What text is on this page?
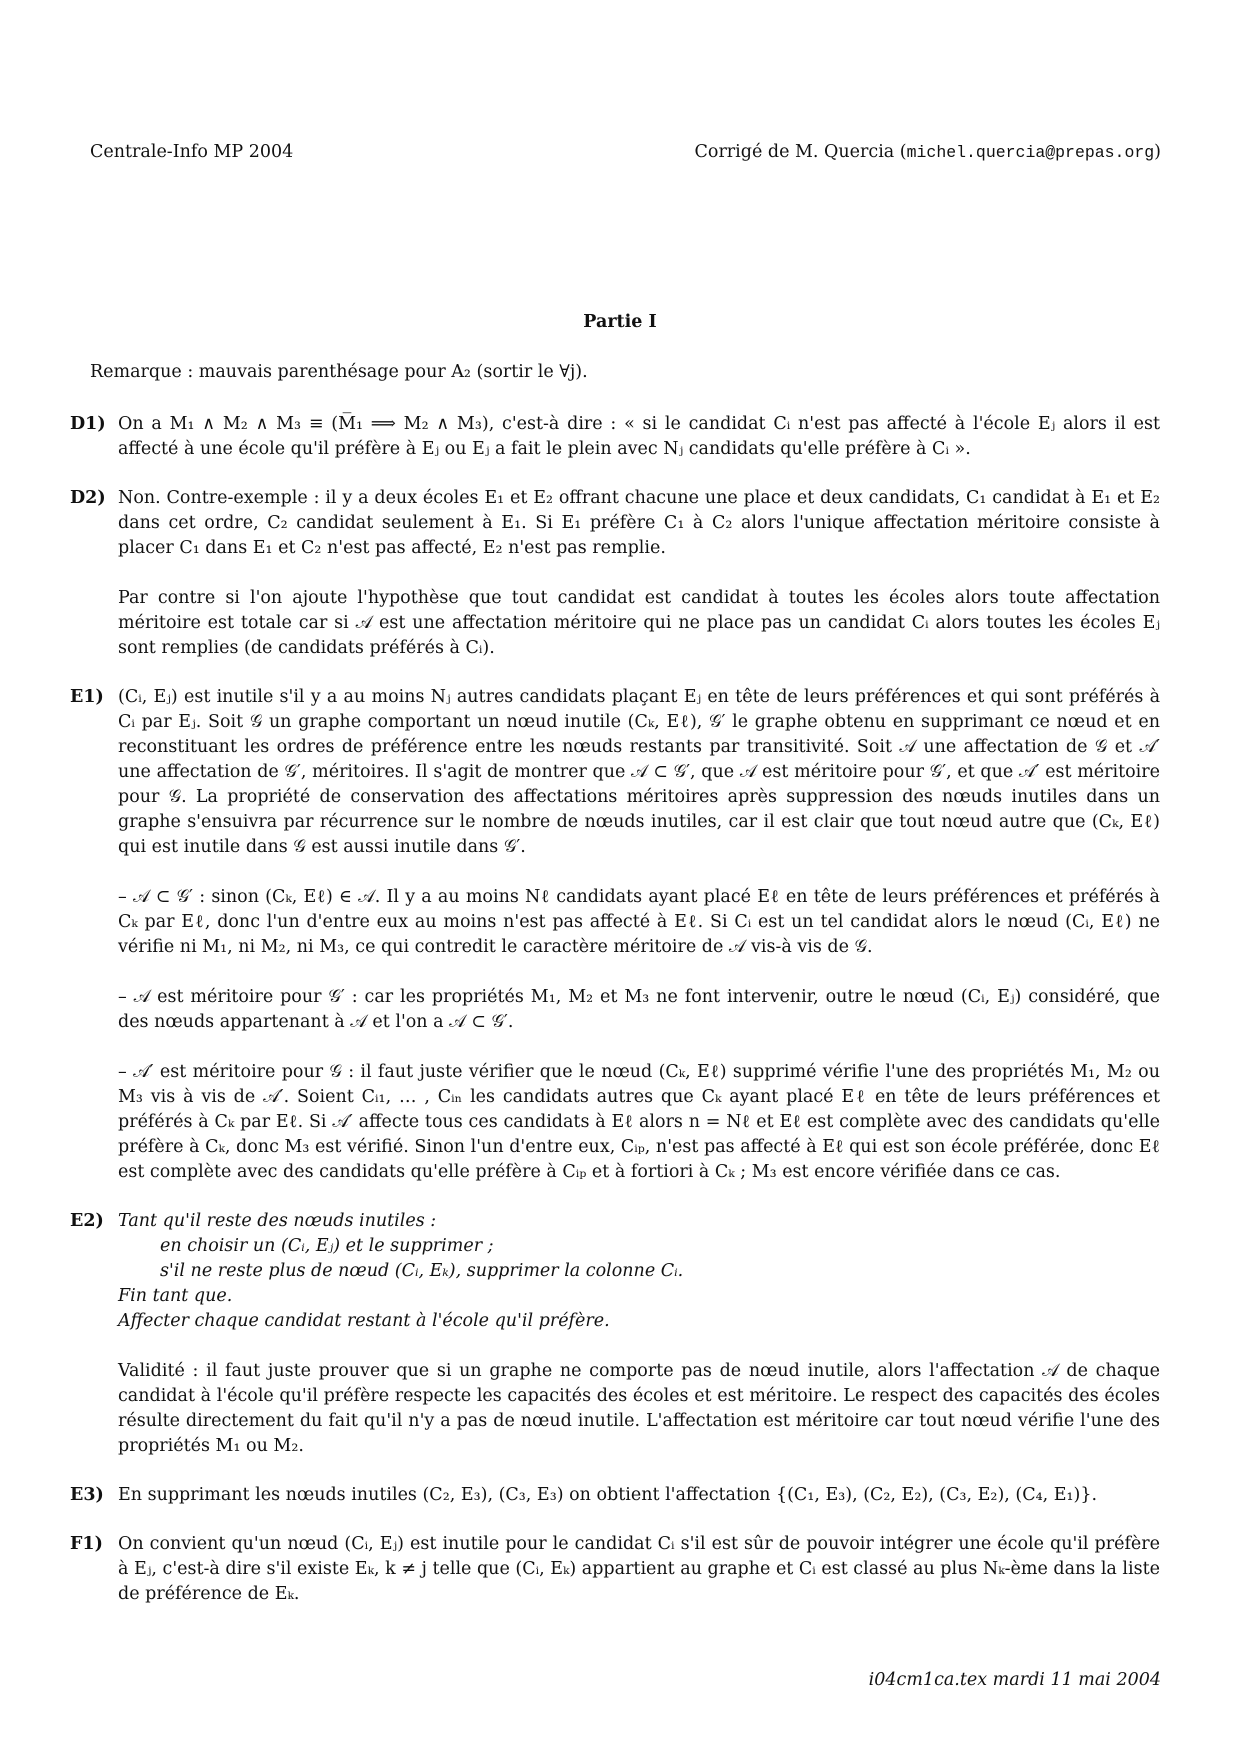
Centrale-Info MP 2004	Corrigé de M. Quercia (michel.quercia@prepas.org)
Partie I
Remarque : mauvais parenthésage pour A₂ (sortir le ∀j).
D1) On a M₁ ∧ M₂ ∧ M₃ ≡ (M̅₁ ⟹ M₂ ∧ M₃), c'est-à dire : « si le candidat Cᵢ n'est pas affecté à l'école Eⱼ alors il est affecté à une école qu'il préfère à Eⱼ ou Eⱼ a fait le plein avec Nⱼ candidats qu'elle préfère à Cᵢ ».

D2) Non. Contre-exemple : il y a deux écoles E₁ et E₂ offrant chacune une place et deux candidats, C₁ candidat à E₁ et E₂ dans cet ordre, C₂ candidat seulement à E₁. Si E₁ préfère C₁ à C₂ alors l'unique affectation méritoire consiste à placer C₁ dans E₁ et C₂ n'est pas affecté, E₂ n'est pas remplie.

Par contre si l'on ajoute l'hypothèse que tout candidat est candidat à toutes les écoles alors toute affectation méritoire est totale car si 𝒜 est une affectation méritoire qui ne place pas un candidat Cᵢ alors toutes les écoles Eⱼ sont remplies (de candidats préférés à Cᵢ).

E1) (Cᵢ, Eⱼ) est inutile s'il y a au moins Nⱼ autres candidats plaçant Eⱼ en tête de leurs préférences et qui sont préférés à Cᵢ par Eⱼ. Soit 𝒢 un graphe comportant un nœud inutile (Cₖ, Eℓ), 𝒢′ le graphe obtenu en supprimant ce nœud et en reconstituant les ordres de préférence entre les nœuds restants par transitivité. Soit 𝒜 une affectation de 𝒢 et 𝒜′ une affectation de 𝒢′, méritoires. Il s'agit de montrer que 𝒜 ⊂ 𝒢′, que 𝒜 est méritoire pour 𝒢′, et que 𝒜′ est méritoire pour 𝒢. La propriété de conservation des affectations méritoires après suppression des nœuds inutiles dans un graphe s'ensuivra par récurrence sur le nombre de nœuds inutiles, car il est clair que tout nœud autre que (Cₖ, Eℓ) qui est inutile dans 𝒢 est aussi inutile dans 𝒢′.

– 𝒜 ⊂ 𝒢′ : sinon (Cₖ, Eℓ) ∈ 𝒜. Il y a au moins Nℓ candidats ayant placé Eℓ en tête de leurs préférences et préférés à Cₖ par Eℓ, donc l'un d'entre eux au moins n'est pas affecté à Eℓ. Si Cᵢ est un tel candidat alors le nœud (Cᵢ, Eℓ) ne vérifie ni M₁, ni M₂, ni M₃, ce qui contredit le caractère méritoire de 𝒜 vis-à vis de 𝒢.

– 𝒜 est méritoire pour 𝒢′ : car les propriétés M₁, M₂ et M₃ ne font intervenir, outre le nœud (Cᵢ, Eⱼ) considéré, que des nœuds appartenant à 𝒜 et l'on a 𝒜 ⊂ 𝒢′.

– 𝒜′ est méritoire pour 𝒢 : il faut juste vérifier que le nœud (Cₖ, Eℓ) supprimé vérifie l'une des propriétés M₁, M₂ ou M₃ vis à vis de 𝒜′. Soient Cᵢ₁, … , Cᵢₙ les candidats autres que Cₖ ayant placé Eℓ en tête de leurs préférences et préférés à Cₖ par Eℓ. Si 𝒜′ affecte tous ces candidats à Eℓ alors n = Nℓ et Eℓ est complète avec des candidats qu'elle préfère à Cₖ, donc M₃ est vérifié. Sinon l'un d'entre eux, Cᵢₚ, n'est pas affecté à Eℓ qui est son école préférée, donc Eℓ est complète avec des candidats qu'elle préfère à Cᵢₚ et à fortiori à Cₖ ; M₃ est encore vérifiée dans ce cas.

E2) Tant qu'il reste des nœuds inutiles :
en choisir un (Cᵢ, Eⱼ) et le supprimer ;
s'il ne reste plus de nœud (Cᵢ, Eₖ), supprimer la colonne Cᵢ.
Fin tant que.
Affecter chaque candidat restant à l'école qu'il préfère.

Validité : il faut juste prouver que si un graphe ne comporte pas de nœud inutile, alors l'affectation 𝒜 de chaque candidat à l'école qu'il préfère respecte les capacités des écoles et est méritoire. Le respect des capacités des écoles résulte directement du fait qu'il n'y a pas de nœud inutile. L'affectation est méritoire car tout nœud vérifie l'une des propriétés M₁ ou M₂.

E3) En supprimant les nœuds inutiles (C₂, E₃), (C₃, E₃) on obtient l'affectation {(C₁, E₃), (C₂, E₂), (C₃, E₂), (C₄, E₁)}.

F1) On convient qu'un nœud (Cᵢ, Eⱼ) est inutile pour le candidat Cᵢ s'il est sûr de pouvoir intégrer une école qu'il préfère à Eⱼ, c'est-à dire s'il existe Eₖ, k ≠ j telle que (Cᵢ, Eₖ) appartient au graphe et Cᵢ est classé au plus Nₖ-ème dans la liste de préférence de Eₖ.

i04cm1ca.tex mardi 11 mai 2004
